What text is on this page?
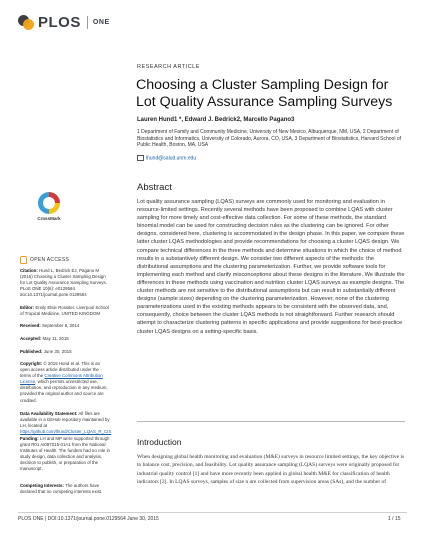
PLOS ONE
RESEARCH ARTICLE
Choosing a Cluster Sampling Design for Lot Quality Assurance Sampling Surveys
Lauren Hund1 *, Edward J. Bedrick2, Marcello Pagano3
1 Department of Family and Community Medicine, University of New Mexico, Albuquerque, NM, USA, 2 Department of Biostatistics and Informatics, University of Colorado, Aurora, CO, USA, 3 Department of Biostatistics, Harvard School of Public Health, Boston, MA, USA
lhund@salud.unm.edu
CrossMark
OPEN ACCESS
Citation: Hund L, Bedrick EJ, Pagano M (2015) Choosing a Cluster Sampling Design for Lot Quality Assurance Sampling Surveys. PLoS ONE 10(6): e0129564. doi:10.1371/journal.pone.0129564
Editor: Emily Elsie Rossiter, Liverpool School of Tropical Medicine, UNITED KINGDOM
Received: September 8, 2014
Accepted: May 11, 2015
Published: June 30, 2015
Copyright: © 2015 Hund et al. This is an open access article distributed under the terms of the Creative Commons Attribution License, which permits unrestricted use, distribution, and reproduction in any medium, provided the original author and source are credited.
Data Availability Statement: All files are available in a GitHub repository maintained by LH, located at https://github.com/lhund/Cluster_LQAS_R_CIS
Funding: LH and MP were supported through grant R01 AI097015-01A1 from the National Institutes of Health. The funders had no role in study design, data collection and analysis, decision to publish, or preparation of the manuscript.
Competing Interests: The authors have declared that no competing interests exist.
Abstract
Lot quality assurance sampling (LQAS) surveys are commonly used for monitoring and evaluation in resource-limited settings. Recently several methods have been proposed to combine LQAS with cluster sampling for more timely and cost-effective data collection. For some of these methods, the standard binomial model can be used for constructing decision rules as the clustering can be ignored. For other designs, considered here, clustering is accommodated in the design phase. In this paper, we compare these latter cluster LQAS methodologies and provide recommendations for choosing a cluster LQAS design. We compare technical differences in the three methods and determine situations in which the choice of method results in a substantively different design. We consider two different aspects of the methods: the distributional assumptions and the clustering parameterization. Further, we provide software tools for implementing each method and clarify misconceptions about these designs in the literature. We illustrate the differences in these methods using vaccination and nutrition cluster LQAS surveys as example designs. The cluster methods are not sensitive to the distributional assumptions but can result in substantially different designs (sample sizes) depending on the clustering parameterization. However, none of the clustering parameterizations used in the existing methods appears to be consistent with the observed data, and, consequently, choice between the cluster LQAS methods is not straightforward. Further research should attempt to characterize clustering patterns in specific applications and provide suggestions for best-practice cluster LQAS designs on a setting-specific basis.
Introduction
When designing global health monitoring and evaluation (M&E) surveys in resource limited settings, the key objective is to balance cost, precision, and feasibility. Lot quality assurance sampling (LQAS) surveys were originally proposed for industrial quality control [1] and have more recently been applied in global health M&E for classification of health indicators [2]. In LQAS surveys, samples of size n are collected from supervision areas (SAs), and the number of
PLOS ONE | DOI:10.1371/journal.pone.0129564 June 30, 2015	1 / 15
